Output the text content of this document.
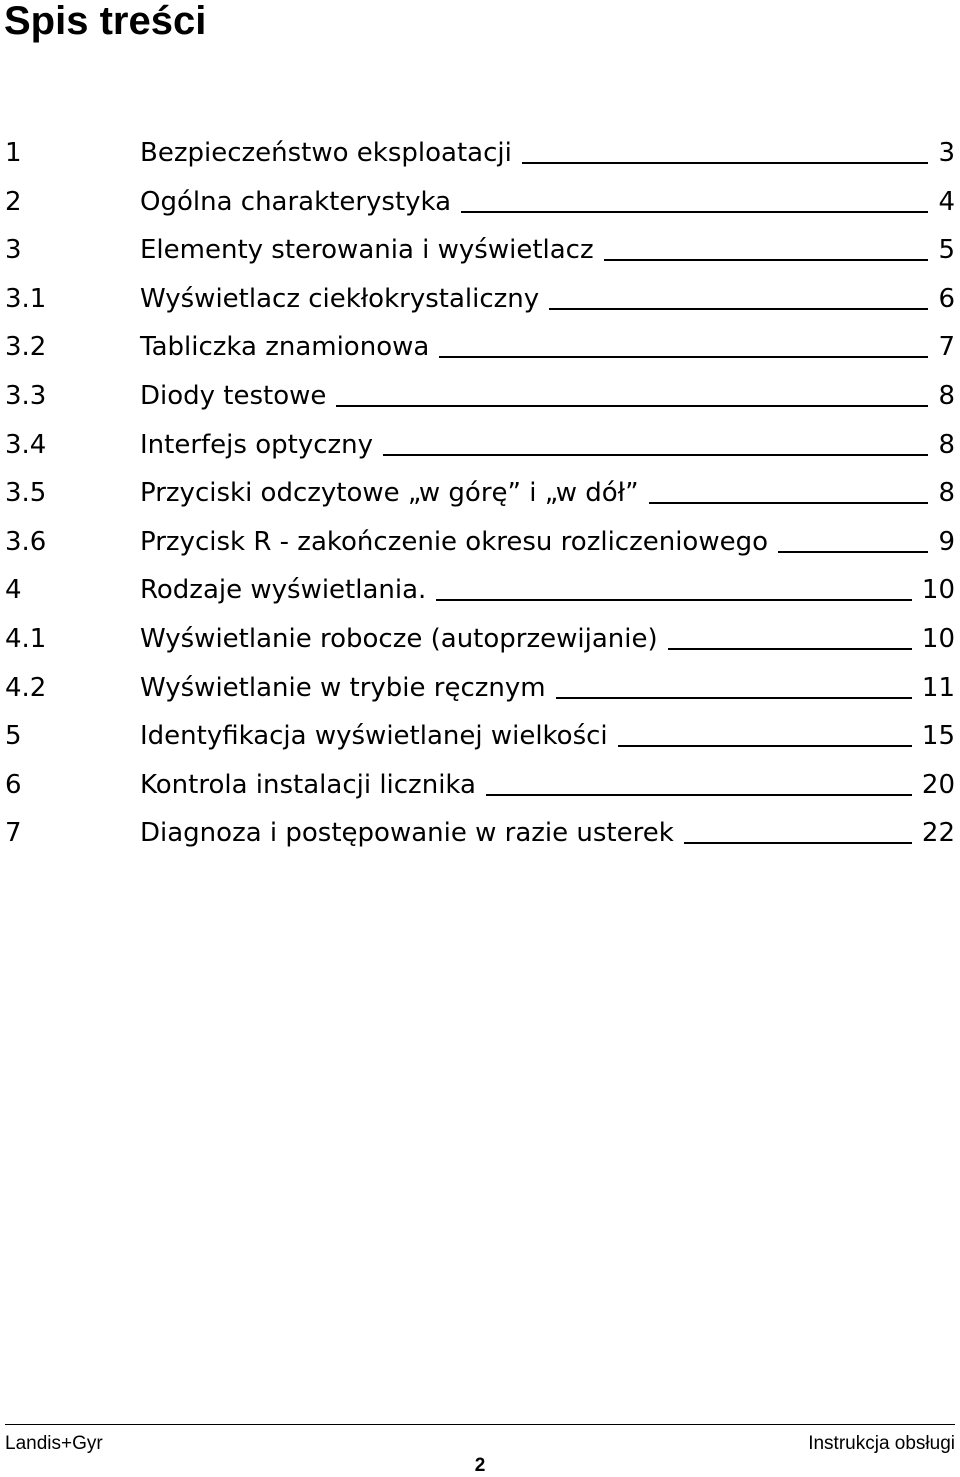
Spis treści
1	Bezpieczeństwo eksploatacji	3
2	Ogólna charakterystyka	4
3	Elementy sterowania i wyświetlacz	5
3.1	Wyświetlacz ciekłokrystaliczny	6
3.2	Tabliczka znamionowa	7
3.3	Diody testowe	8
3.4	Interfejs optyczny	8
3.5	Przyciski odczytowe „w górę” i „w dół”	8
3.6	Przycisk R - zakończenie okresu rozliczeniowego	9
4	Rodzaje wyświetlania.	10
4.1	Wyświetlanie robocze (autoprzewijanie)	10
4.2	Wyświetlanie w trybie ręcznym	11
5	Identyfikacja wyświetlanej wielkości	15
6	Kontrola instalacji licznika	20
7	Diagnoza i postępowanie w razie usterek	22
Landis+Gyr	Instrukcja obsługi
2
